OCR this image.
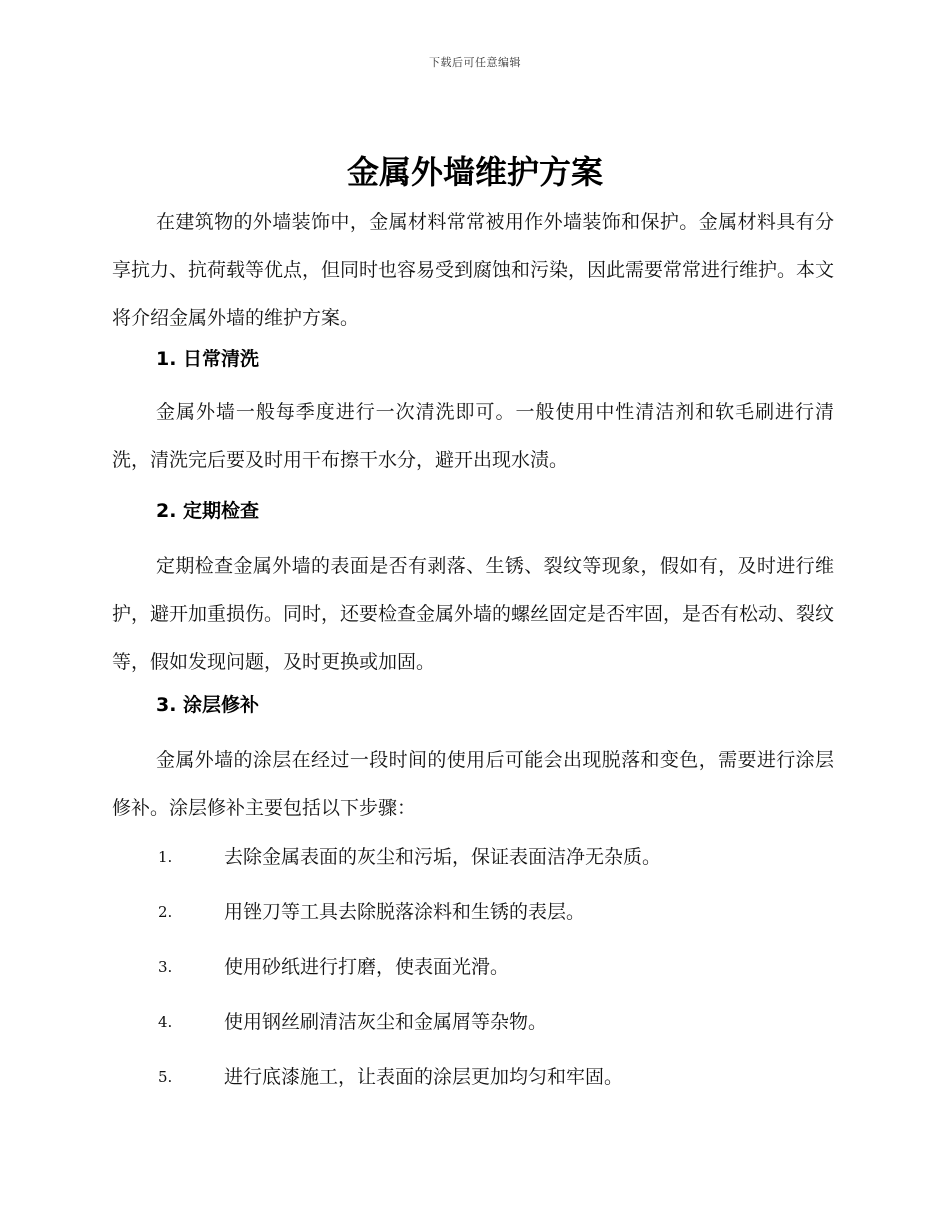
下载后可任意编辑
金属外墙维护方案

在建筑物的外墙装饰中，金属材料常常被用作外墙装饰和保护。金属材料具有分享抗力、抗荷载等优点，但同时也容易受到腐蚀和污染，因此需要常常进行维护。本文将介绍金属外墙的维护方案。

1. 日常清洗

金属外墙一般每季度进行一次清洗即可。一般使用中性清洁剂和软毛刷进行清洗，清洗完后要及时用干布擦干水分，避开出现水渍。

2. 定期检查

定期检查金属外墙的表面是否有剥落、生锈、裂纹等现象，假如有，及时进行维护，避开加重损伤。同时，还要检查金属外墙的螺丝固定是否牢固，是否有松动、裂纹等，假如发现问题，及时更换或加固。

3. 涂层修补

金属外墙的涂层在经过一段时间的使用后可能会出现脱落和变色，需要进行涂层修补。涂层修补主要包括以下步骤：

1.	去除金属表面的灰尘和污垢，保证表面洁净无杂质。
2.	用锉刀等工具去除脱落涂料和生锈的表层。
3.	使用砂纸进行打磨，使表面光滑。
4.	使用钢丝刷清洁灰尘和金属屑等杂物。
5.	进行底漆施工，让表面的涂层更加均匀和牢固。
